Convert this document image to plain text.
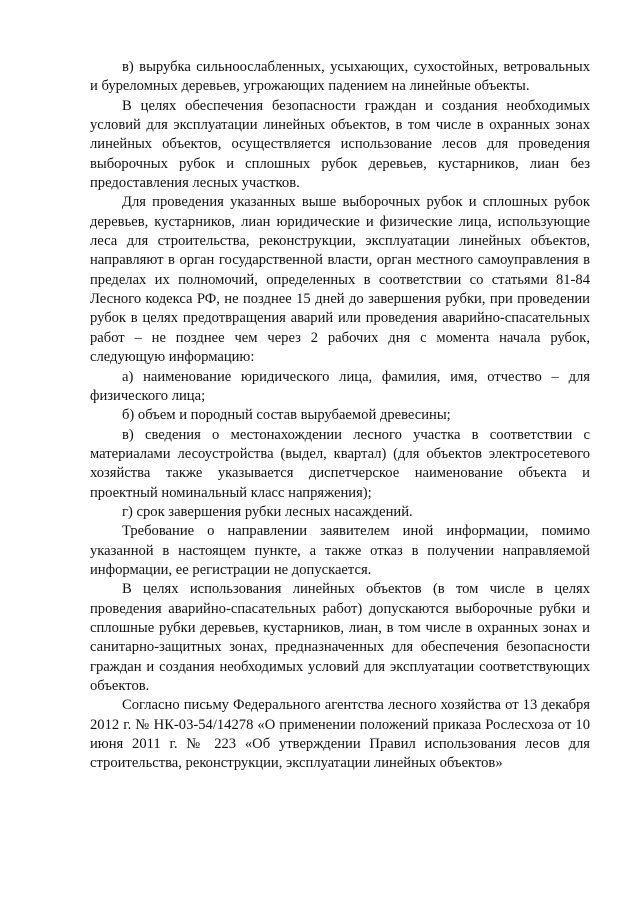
в) вырубка сильноослабленных, усыхающих, сухостойных, ветровальных и буреломных деревьев, угрожающих падением на линейные объекты.

В целях обеспечения безопасности граждан и создания необходимых условий для эксплуатации линейных объектов, в том числе в охранных зонах линейных объектов, осуществляется использование лесов для проведения выборочных рубок и сплошных рубок деревьев, кустарников, лиан без предоставления лесных участков.

Для проведения указанных выше выборочных рубок и сплошных рубок деревьев, кустарников, лиан юридические и физические лица, использующие леса для строительства, реконструкции, эксплуатации линейных объектов, направляют в орган государственной власти, орган местного самоуправления в пределах их полномочий, определенных в соответствии со статьями 81-84 Лесного кодекса РФ, не позднее 15 дней до завершения рубки, при проведении рубок в целях предотвращения аварий или проведения аварийно-спасательных работ – не позднее чем через 2 рабочих дня с момента начала рубок, следующую информацию:

а) наименование юридического лица, фамилия, имя, отчество – для физического лица;

б) объем и породный состав вырубаемой древесины;

в) сведения о местонахождении лесного участка в соответствии с материалами лесоустройства (выдел, квартал) (для объектов электросетевого хозяйства также указывается диспетчерское наименование объекта и проектный номинальный класс напряжения);

г) срок завершения рубки лесных насаждений.

Требование о направлении заявителем иной информации, помимо указанной в настоящем пункте, а также отказ в получении направляемой информации, ее регистрации не допускается.

В целях использования линейных объектов (в том числе в целях проведения аварийно-спасательных работ) допускаются выборочные рубки и сплошные рубки деревьев, кустарников, лиан, в том числе в охранных зонах и санитарно-защитных зонах, предназначенных для обеспечения безопасности граждан и создания необходимых условий для эксплуатации соответствующих объектов.

Согласно письму Федерального агентства лесного хозяйства от 13 декабря 2012 г. № НК-03-54/14278 «О применении положений приказа Рослесхоза от 10 июня 2011 г. № 223 «Об утверждении Правил использования лесов для строительства, реконструкции, эксплуатации линейных объектов»
